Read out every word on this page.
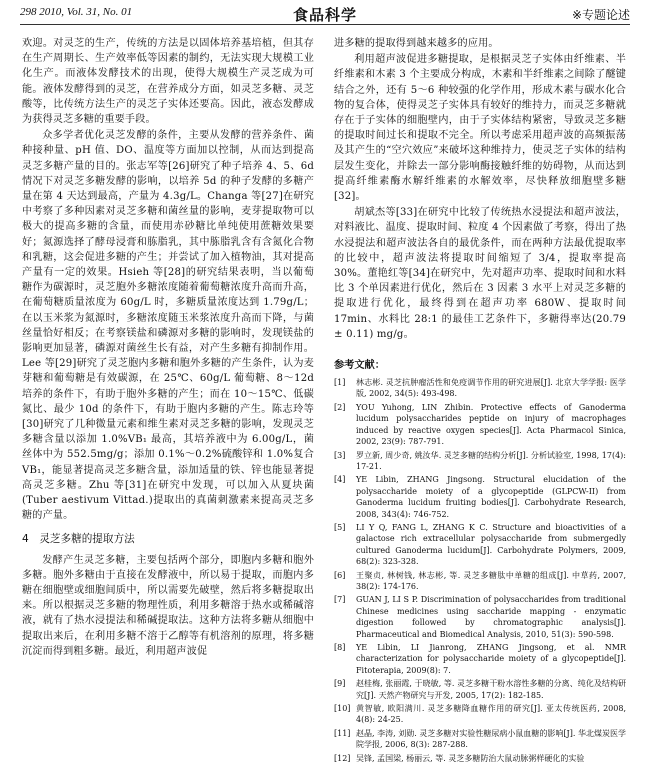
298 2010, Vol. 31, No. 01	食品科学	※专题论述

欢迎。对灵芝的生产，传统的方法是以固体培养基培植，但其存在生产周期长、生产效率低等因素的制约，无法实现大规模工业化生产。而液体发酵技术的出现，使得大规模生产灵芝成为可能。液体发酵得到的灵芝，在营养成分方面，如灵芝多糖、灵芝酸等，比传统方法生产的灵芝子实体还要高。因此，液态发酵成为获得灵芝多糖的重要手段。

众多学者优化灵芝发酵的条件，主要从发酵的营养条件、菌种接种量、pH 值、DO、温度等方面加以控制，从而达到提高灵芝多糖产量的目的。张志军等[26]研究了种子培养 4、5、6d 情况下对灵芝多糖发酵的影响，以培养 5d 的种子发酵的多糖产量在第 4 天达到最高，产量为 4.3g/L。Changa 等[27]在研究中考察了多种因素对灵芝多糖和菌丝量的影响，麦芽提取物可以极大的提高多糖的含量，而使用赤砂糖比单纯使用蔗糖效果要好；氮源选择了酵母浸膏和胨脂乳，其中胨脂乳含有含氮化合物和乳糖，这会促进多糖的产生；并尝试了加入植物油，其对提高产量有一定的效果。Hsieh 等[28]的研究结果表明，当以葡萄糖作为碳源时，灵芝胞外多糖浓度随着葡萄糖浓度升高而升高，在葡萄糖质量浓度为 60g/L 时，多糖质量浓度达到 1.79g/L；在以玉米浆为氮源时，多糖浓度随玉米浆浓度升高而下降，与菌丝量恰好相反；在考察镁盐和磷源对多糖的影响时，发现镁盐的影响更加显著，磷源对菌丝生长有益，对产生多糖有抑制作用。Lee 等[29]研究了灵芝胞内多糖和胞外多糖的产生条件，认为麦芽糖和葡萄糖是有效碳源，在 25℃、60g/L 葡萄糖、8～12d 培养的条件下，有助于胞外多糖的产生；而在 10～15℃、低碳氮比、最少 10d 的条件下，有助于胞内多糖的产生。陈志玲等[30]研究了几种微量元素和维生素对灵芝多糖的影响，发现灵芝多糖含量以添加 1.0%VB₁ 最高，其培养液中为 6.00g/L，菌丝体中为 552.5mg/g；添加 0.1%～0.2%硫酸锌和 1.0%复合 VB₁，能显著提高灵芝多糖含量，添加适量的铁、锌也能显著提高灵芝多糖。Zhu 等[31]在研究中发现，可以加入从夏块菌(Tuber aestivum Vittad.)提取出的真菌刺激素来提高灵芝多糖的产量。

4　灵芝多糖的提取方法

发酵产生灵芝多糖，主要包括两个部分，即胞内多糖和胞外多糖。胞外多糖由于直接在发酵液中，所以易于提取，而胞内多糖在细胞壁或细胞间质中，所以需要先破壁，然后将多糖提取出来。所以根据灵芝多糖的物理性质，利用多糖溶于热水或稀碱溶液，就有了热水浸提法和稀碱提取法。这种方法将多糖从细胞中提取出来后，在利用多糖不溶于乙醇等有机溶剂的原理，将多糖沉淀而得到粗多糖。最近，利用超声波促

进多糖的提取得到越来越多的应用。

利用超声波促进多糖提取，是根据灵芝子实体由纤维素、半纤维素和木素 3 个主要成分构成，木素和半纤维素之间除了醚键结合之外，还有 5～6 种较强的化学作用，形成木素与碳水化合物的复合体，使得灵芝子实体具有较好的维持力，而灵芝多糖就存在于子实体的细胞壁内，由于子实体结构紧密，导致灵芝多糖的提取时间过长和提取不完全。所以考虑采用超声波的高频振荡及其产生的“空穴效应”来破坏这种维持力，使灵芝子实体的结构层发生变化，并除去一部分影响酶接触纤维的妨碍物，从而达到提高纤维素酶水解纤维素的水解效率，尽快释放细胞壁多糖[32]。

胡斌杰等[33]在研究中比较了传统热水浸提法和超声波法，对料液比、温度、提取时间、粒度 4 个因素做了考察，得出了热水浸提法和超声波法各自的最优条件，而在两种方法最优提取率的比较中，超声波法将提取时间缩短了 3/4，提取率提高 30%。董艳红等[34]在研究中，先对超声功率、提取时间和水料比 3 个单因素进行优化，然后在 3 因素 3 水平上对灵芝多糖的提取进行优化，最终得到在超声功率 680W、提取时间 17min、水料比 28:1 的最佳工艺条件下，多糖得率达(20.79 ± 0.11) mg/g。

参考文献：
[1]	林志彬. 灵芝抗肿瘤活性和免疫调节作用的研究进展[J]. 北京大学学报: 医学版, 2002, 34(5): 493-498.
[2]	YOU Yuhong, LIN Zhibin. Protective effects of Ganoderma lucidum polysaccharides peptide on injury of macrophages induced by reactive oxygen species[J]. Acta Pharmacol Sinica, 2002, 23(9): 787-791.
[3]	罗立新, 周少奇, 姚汝华. 灵芝多糖的结构分析[J]. 分析试验室, 1998, 17(4): 17-21.
[4]	YE Libin, ZHANG Jingsong. Structural elucidation of the polysaccharide moiety of a glycopeptide (GLPCW-II) from Ganoderma lucidum fruiting bodies[J]. Carbohydrate Research, 2008, 343(4): 746-752.
[5]	LI Y Q, FANG L, ZHANG K C. Structure and bioactivities of a galactose rich extracellular polysaccharide from submergedly cultured Ganoderma lucidum[J]. Carbohydrate Polymers, 2009, 68(2): 323-328.
[6]	王聚贞, 林树钱, 林志彬, 等. 灵芝多糖肽中单糖的组成[J]. 中草药, 2007, 38(2): 174-176.
[7]	GUAN J, LI S P. Discrimination of polysaccharides from traditional Chinese medicines using saccharide mapping - enzymatic digestion followed by chromatographic analysis[J]. Pharmaceutical and Biomedical Analysis, 2010, 51(3): 590-598.
[8]	YE Libin, LI Jianrong, ZHANG Jingsong, et al. NMR characterization for polysaccharide moiety of a glycopeptide[J]. Fitoterapia, 2009(8): 7.
[9]	赵桂梅, 张丽霞, 于晓敏, 等. 灵芝多糖干粉水溶性多糖的分离、纯化及结构研究[J]. 天然产物研究与开发, 2005, 17(2): 182-185.
[10] 黄智敏, 欧阳满川. 灵芝多糖降血糖作用的研究[J]. 亚太传统医药, 2008, 4(8): 24-25.
[11] 赵晶, 李涛, 刘勋. 灵芝多糖对实验性糖尿病小鼠血糖的影响[J]. 华北煤炭医学院学报, 2006, 8(3): 287-288.
[12] 吴锋, 孟国梁, 杨丽云, 等. 灵芝多糖防治大鼠动脉粥样硬化的实验
